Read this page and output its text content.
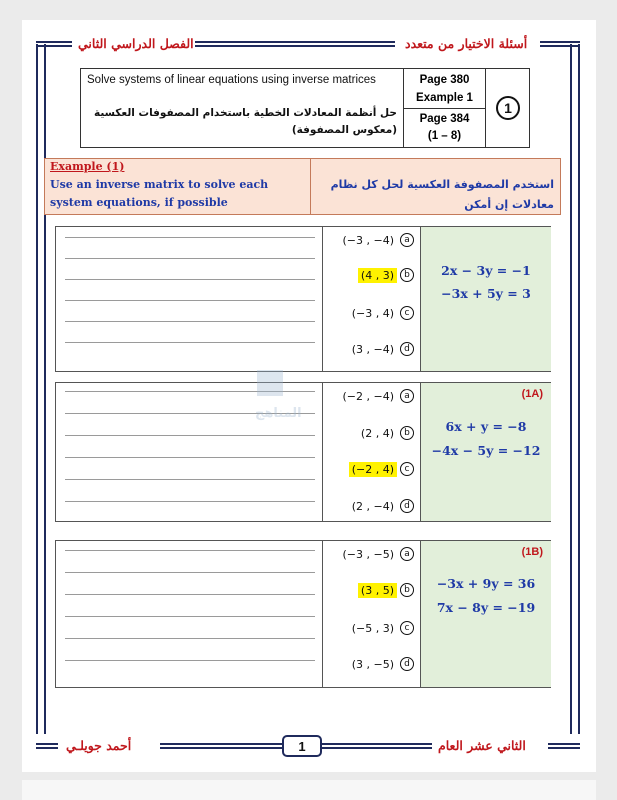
أسئلة الاختيار من متعدد
الفصل الدراسي الثاني
Solve systems of linear equations using inverse matrices
حل أنظمة المعادلات الخطية باستخدام المصفوفات العكسية (معكوس المصفوفة)
Page 380
Example 1
Page 384
(1 – 8)
1
Example (1)
Use an inverse matrix to solve each system equations, if possible
استخدم المصفوفة العكسية لحل كل نظام معادلات إن أمكن
(−3 , −4)	a
(4 , 3)	b
(−3 , 4)	c
(3 , −4)	d
2x − 3y = −1
−3x + 5y = 3
(−2 , −4)	a
(2 , 4)	b
(−2 , 4)	c
(2 , −4)	d
(1A)
6x + y = −8
−4x − 5y = −12
(−3 , −5)	a
(3 , 5)	b
(−5 , 3)	c
(3 , −5)	d
(1B)
−3x + 9y = 36
7x − 8y = −19
المناهج
الثاني عشر العام
أحمد جويلـي	1
